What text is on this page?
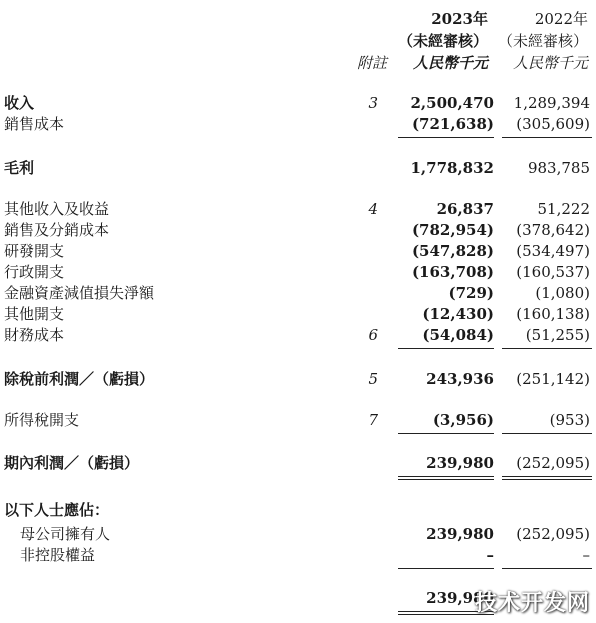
2023年	2022年
（未經審核） （未經審核）
附註 人民幣千元 人民幣千元
收入	3 2,500,470 1,289,394
銷售成本	(721,638) (305,609)
毛利	1,778,832 983,785
其他收入及收益	4	26,837	51,222
銷售及分銷成本	(782,954) (378,642)
研發開支	(547,828) (534,497)
行政開支	(163,708) (160,537)
金融資產減值損失淨額	(729)	(1,080)
其他開支	(12,430) (160,138)
財務成本	6	(54,084) (51,255)
除稅前利潤／（虧損）	5	243,936 (251,142)
所得稅開支	7	(3,956)	(953)
期內利潤／（虧損）	239,980 (252,095)
以下人士應佔：
母公司擁有人	239,980 (252,095)
非控股權益	–	–
239,980
技术开发网
